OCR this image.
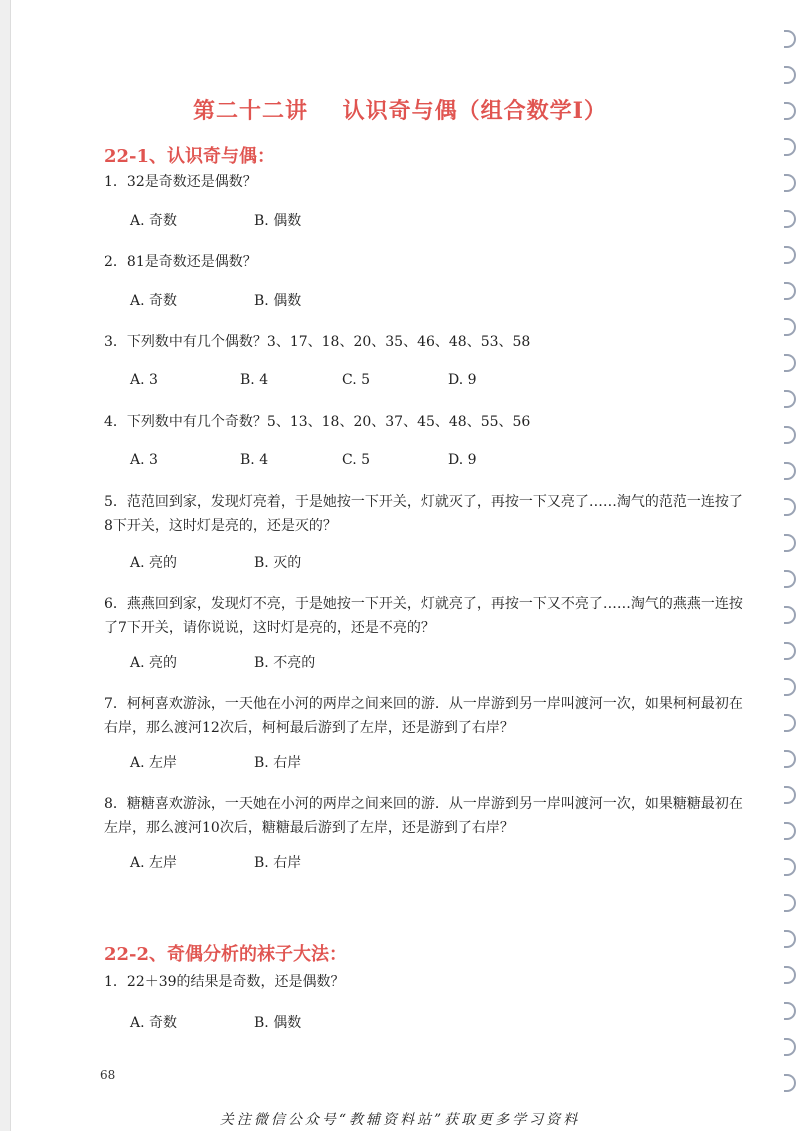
第二十二讲    认识奇与偶（组合数学Ⅰ）
22-1、认识奇与偶：
1．32是奇数还是偶数？
A. 奇数	B. 偶数
2．81是奇数还是偶数？
A. 奇数	B. 偶数
3．下列数中有几个偶数？3、17、18、20、35、46、48、53、58
A. 3	B. 4	C. 5	D. 9
4．下列数中有几个奇数？5、13、18、20、37、45、48、55、56
A. 3	B. 4	C. 5	D. 9
5．范范回到家，发现灯亮着，于是她按一下开关，灯就灭了，再按一下又亮了……淘气的范范一连按了8下开关，这时灯是亮的，还是灭的？
A. 亮的	B. 灭的
6．燕燕回到家，发现灯不亮，于是她按一下开关，灯就亮了，再按一下又不亮了……淘气的燕燕一连按了7下开关，请你说说，这时灯是亮的，还是不亮的？
A. 亮的	B. 不亮的
7．柯柯喜欢游泳，一天他在小河的两岸之间来回的游．从一岸游到另一岸叫渡河一次，如果柯柯最初在右岸，那么渡河12次后，柯柯最后游到了左岸，还是游到了右岸？
A. 左岸	B. 右岸
8．糖糖喜欢游泳，一天她在小河的两岸之间来回的游．从一岸游到另一岸叫渡河一次，如果糖糖最初在左岸，那么渡河10次后，糖糖最后游到了左岸，还是游到了右岸？
A. 左岸	B. 右岸
22-2、奇偶分析的袜子大法：
1．22＋39的结果是奇数，还是偶数？
A. 奇数	B. 偶数
68
关注微信公众号“教辅资料站”获取更多学习资料
